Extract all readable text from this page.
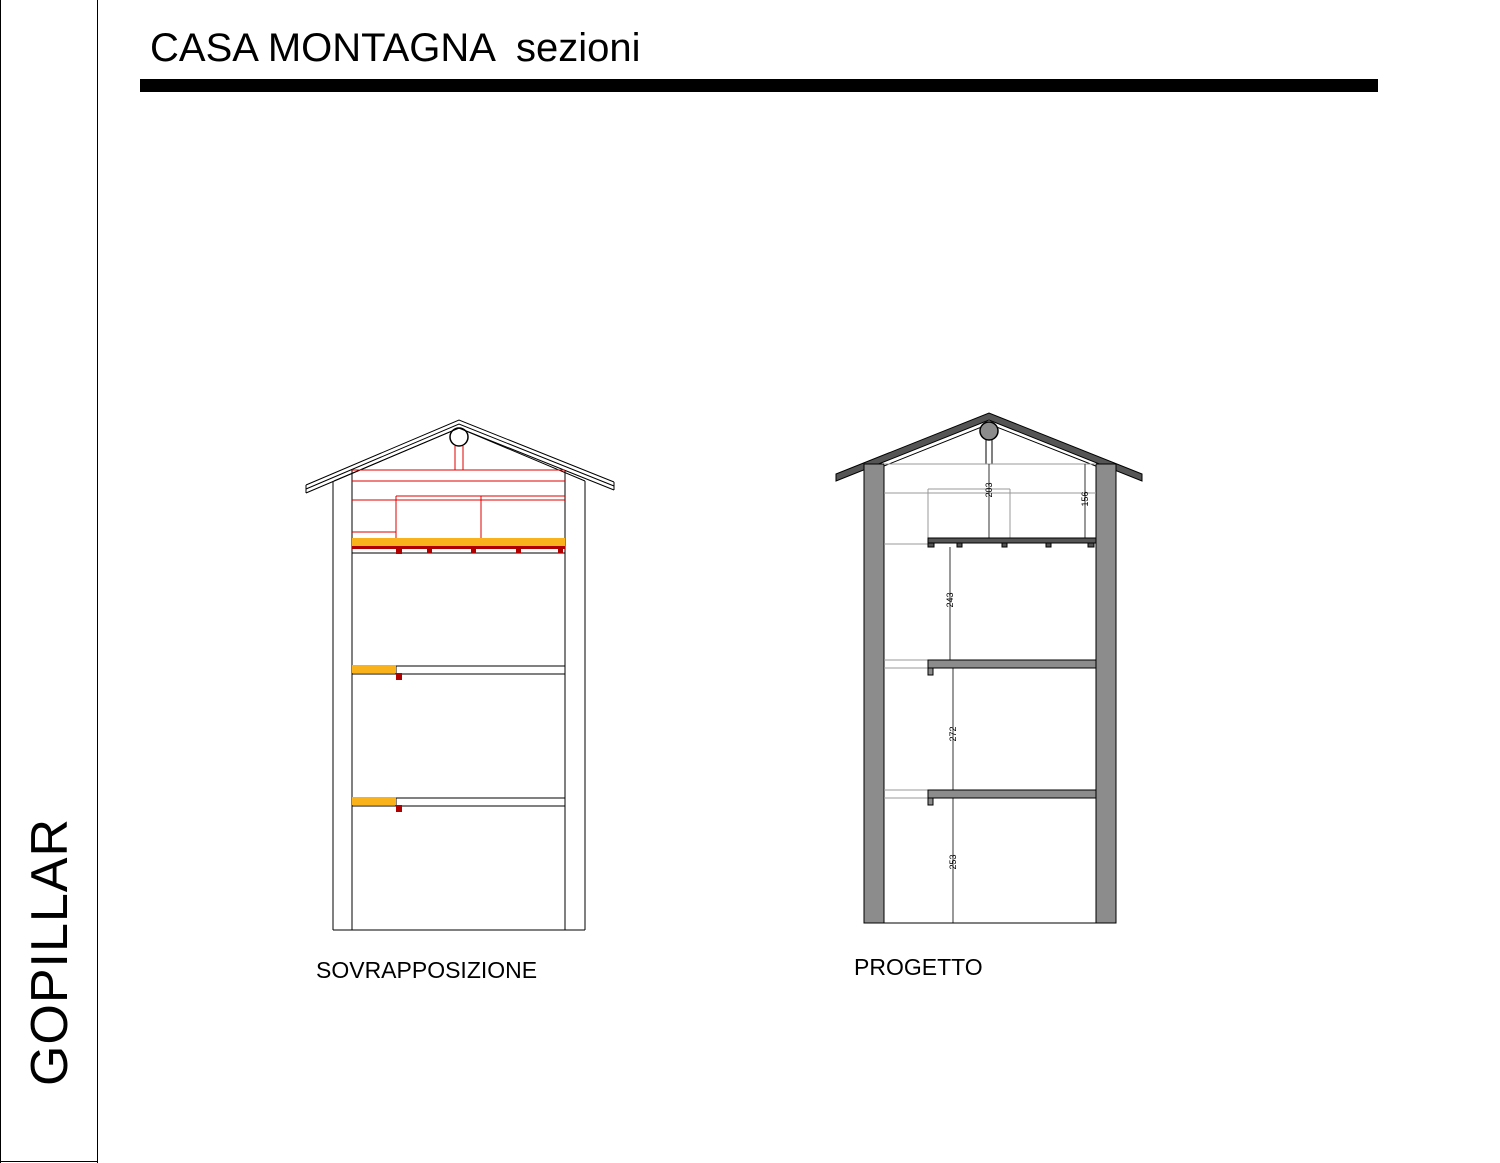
GOPILLAR
CASA MONTAGNA  sezioni
203
156
243
272
253
SOVRAPPOSIZIONE	PROGETTO
